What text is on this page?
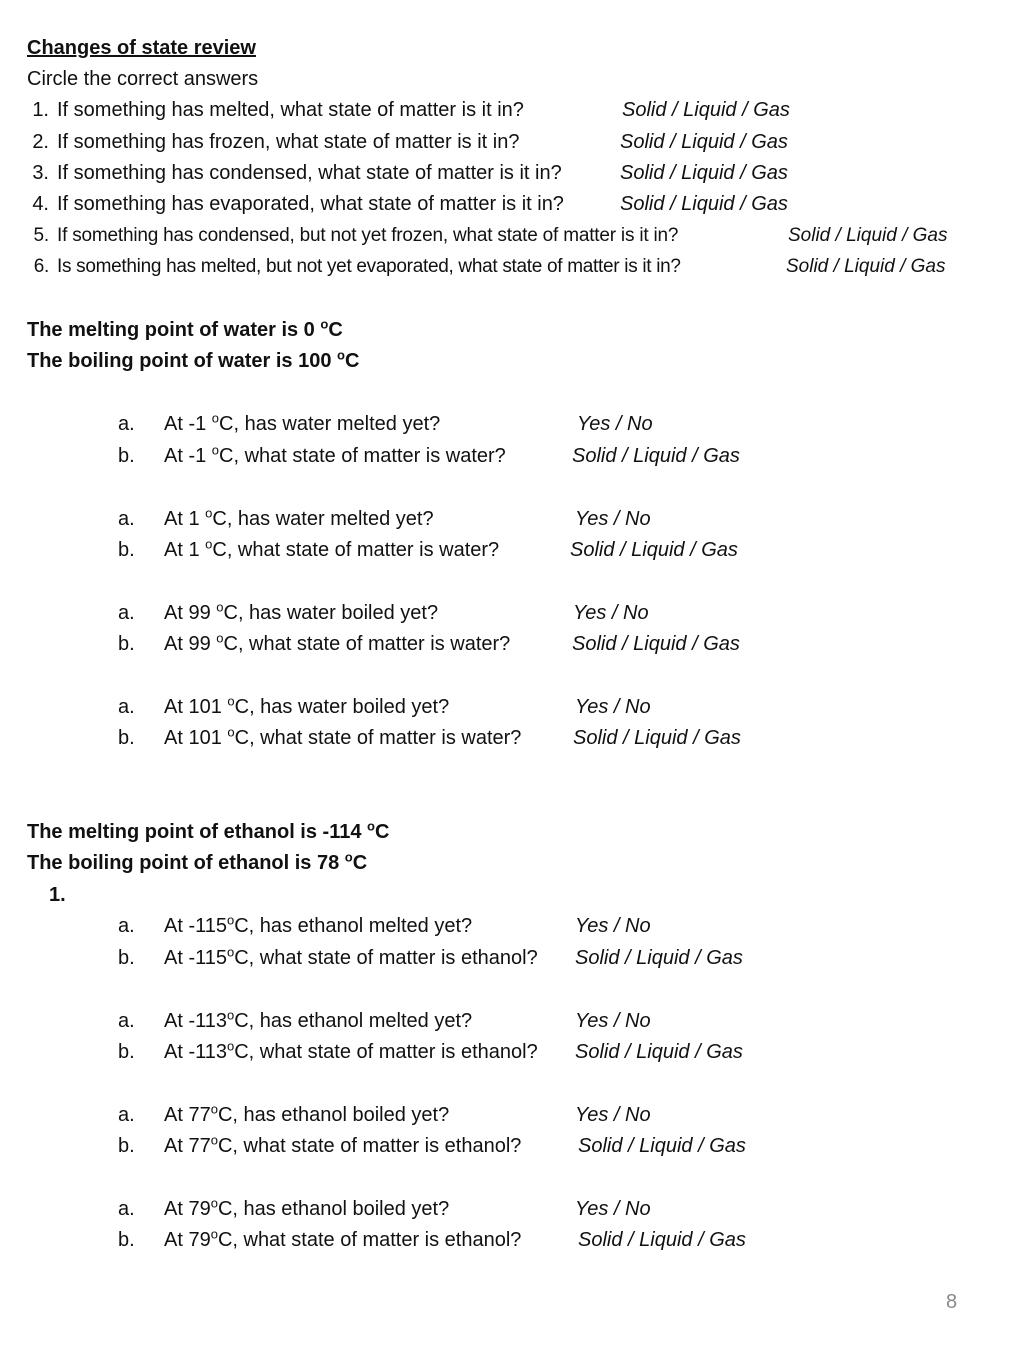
Changes of state review
Circle the correct answers
1. If something has melted, what state of matter is it in?	Solid / Liquid / Gas
2. If something has frozen, what state of matter is it in?	Solid / Liquid / Gas
3. If something has condensed, what state of matter is it in?	Solid / Liquid / Gas
4. If something has evaporated, what state of matter is it in?	Solid / Liquid / Gas
5. If something has condensed, but not yet frozen, what state of matter is it in?	Solid / Liquid / Gas
6. Is something has melted, but not yet evaporated, what state of matter is it in?	Solid / Liquid / Gas
The melting point of water is 0 $^o$C
The boiling point of water is 100 $^o$C
a. At -1 $^o$C, has water melted yet?	Yes / No
b. At -1 $^o$C, what state of matter is water?	Solid / Liquid / Gas
a. At 1 $^o$C, has water melted yet?	Yes / No
b. At 1 $^o$C, what state of matter is water?	Solid / Liquid / Gas
a. At 99 $^o$C, has water boiled yet?	Yes / No
b. At 99 $^o$C, what state of matter is water?	Solid / Liquid / Gas
a. At 101 $^o$C, has water boiled yet?	Yes / No
b. At 101 $^o$C, what state of matter is water?	Solid / Liquid / Gas
The melting point of ethanol is -114 $^o$C
The boiling point of ethanol is 78 $^o$C
1.
a. At -115$^o$C, has ethanol melted yet?	Yes / No
b. At -115$^o$C, what state of matter is ethanol? Solid / Liquid / Gas
a. At -113$^o$C, has ethanol melted yet?	Yes / No
b. At -113$^o$C, what state of matter is ethanol? Solid / Liquid / Gas
a. At 77$^o$C, has ethanol boiled yet?	Yes / No
b. At 77$^o$C, what state of matter is ethanol?	Solid / Liquid / Gas
a. At 79$^o$C, has ethanol boiled yet?	Yes / No
b. At 79$^o$C, what state of matter is ethanol?	Solid / Liquid / Gas
8
